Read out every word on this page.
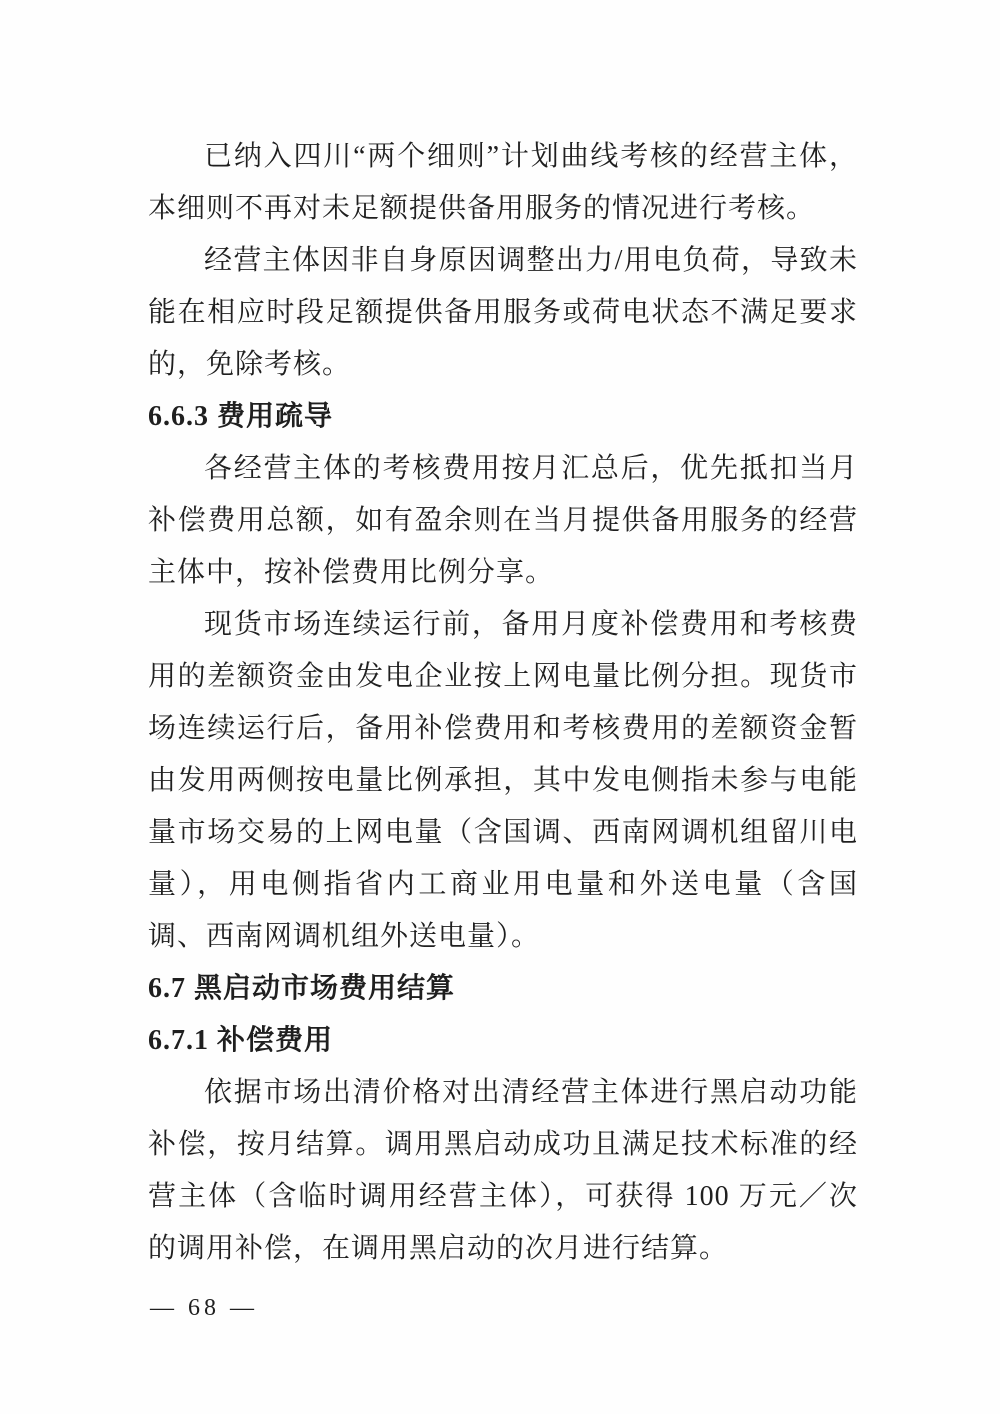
已纳入四川“两个细则”计划曲线考核的经营主体，本细则不再对未足额提供备用服务的情况进行考核。

经营主体因非自身原因调整出力/用电负荷，导致未能在相应时段足额提供备用服务或荷电状态不满足要求的，免除考核。

6.6.3 费用疏导

各经营主体的考核费用按月汇总后，优先抵扣当月补偿费用总额，如有盈余则在当月提供备用服务的经营主体中，按补偿费用比例分享。

现货市场连续运行前，备用月度补偿费用和考核费用的差额资金由发电企业按上网电量比例分担。现货市场连续运行后，备用补偿费用和考核费用的差额资金暂由发用两侧按电量比例承担，其中发电侧指未参与电能量市场交易的上网电量（含国调、西南网调机组留川电量），用电侧指省内工商业用电量和外送电量（含国调、西南网调机组外送电量）。

6.7 黑启动市场费用结算
6.7.1 补偿费用

依据市场出清价格对出清经营主体进行黑启动功能补偿，按月结算。调用黑启动成功且满足技术标准的经营主体（含临时调用经营主体），可获得 100 万元／次的调用补偿，在调用黑启动的次月进行结算。

— 68 —
